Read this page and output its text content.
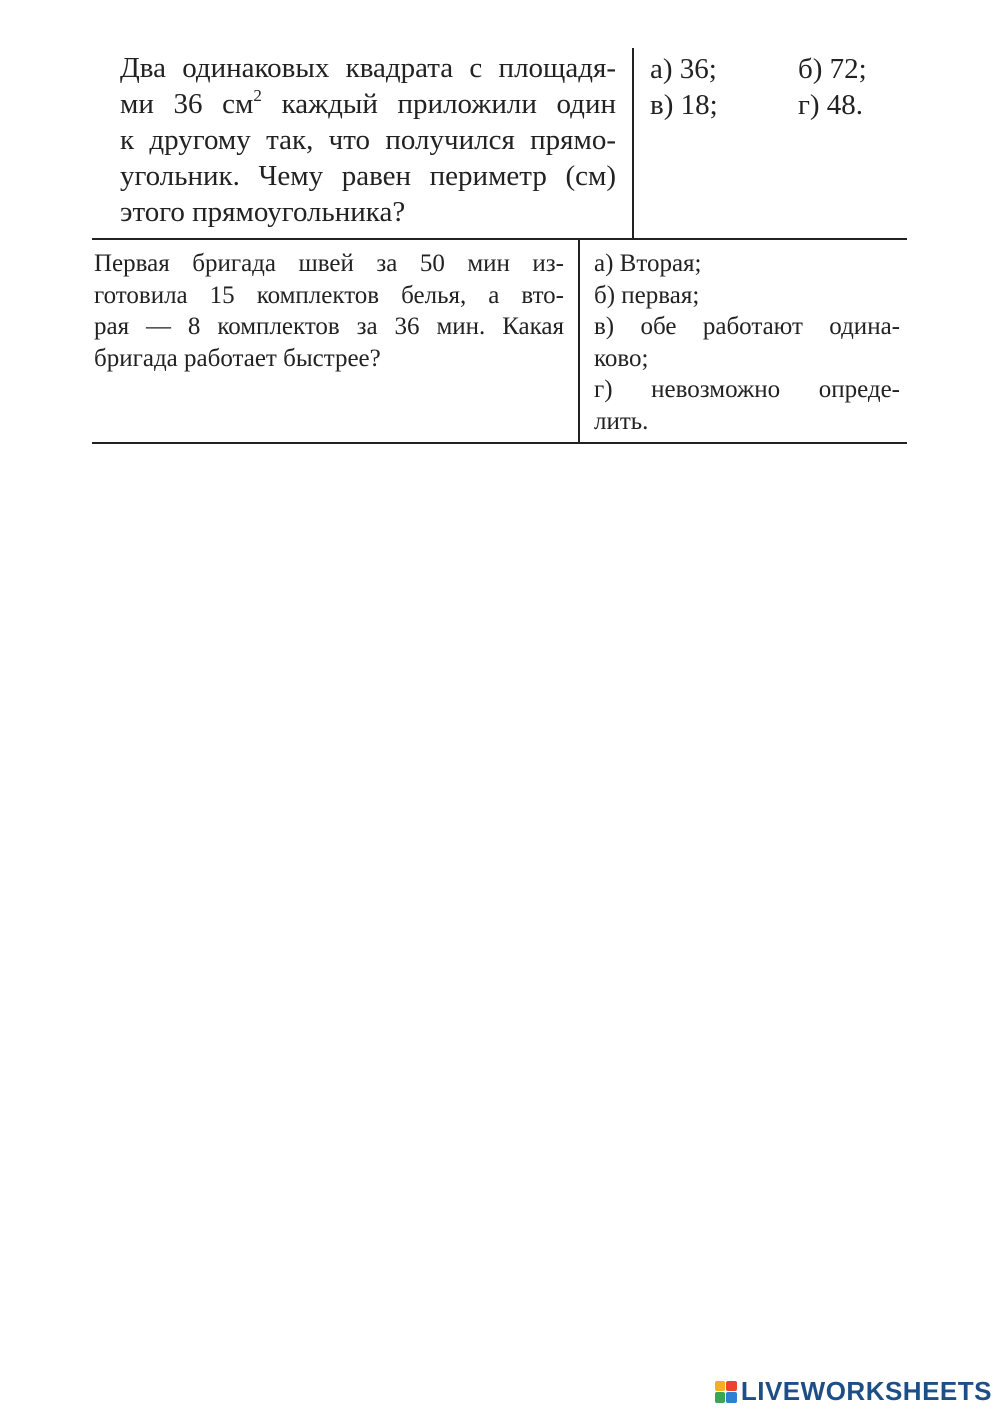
Два одинаковых квадрата с площадя-
ми 36 $см^2$ каждый приложили один
к другому так, что получился прямо-
угольник. Чему равен периметр (см)
этого прямоугольника?
а) 36;	б) 72;
в) 18;	г) 48.
Первая бригада швей за 50 мин из-
готовила 15 комплектов белья, а вто-
рая — 8 комплектов за 36 мин. Какая
бригада работает быстрее?
а) Вторая;
б) первая;
в) обе работают одина-
ково;
г) невозможно опреде-
лить.
LIVEWORKSHEETS
